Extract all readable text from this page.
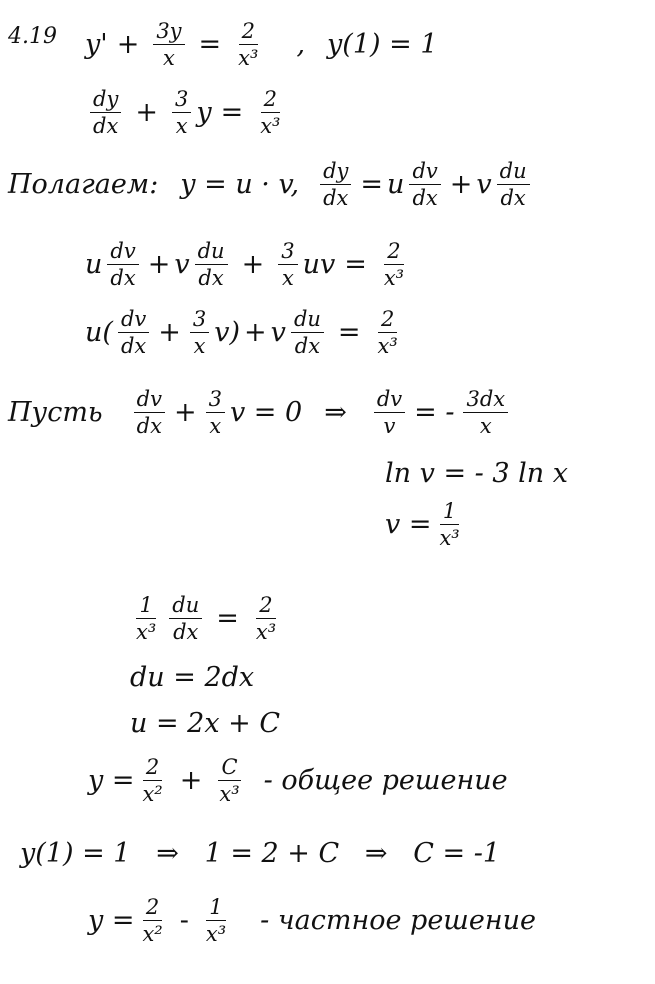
4.19 $y' + \frac{3y}{x} = \frac{2}{\text{x³}}$ , y(1) = 1
$\frac{dy}{dx} + \frac{3}{x}$ $y = \frac{2}{\text{x³}}$
Полагаем: y = u · v, $\frac{dy}{dx} = u \frac{dv}{dx} + v \frac{du}{dx}$
u $\frac{dv}{dx} + v \frac{du}{dx} + \frac{3}{x}$ uv = $\frac{2}{\text{x³}}$
$u( \frac{dv}{dx} + \frac{3}{x} v) + v \frac{du}{dx} = \frac{2}{\text{x³}}$
Пусть $\frac{dv}{dx} + \frac{3}{x}$ v = 0 ⇒ $\frac{dv}{v}$ = - $\frac{3dx}{x}$
ln v = - 3 ln x
$v = \frac{1}{\text{x³}}$
$\frac{1}{\text{x³}} \frac{du}{dx} = \frac{2}{\text{x³}}$
du = 2dx
u = 2x + C
$y = \frac{2}{\text{x²}} + \frac{C}{\text{x³}}$ - общее решение
y(1) = 1   ⇒   1 = 2 + C   ⇒   C = -1
$y = \frac{2}{\text{x²}} - \frac{1}{\text{x³}}$ - частное решение
